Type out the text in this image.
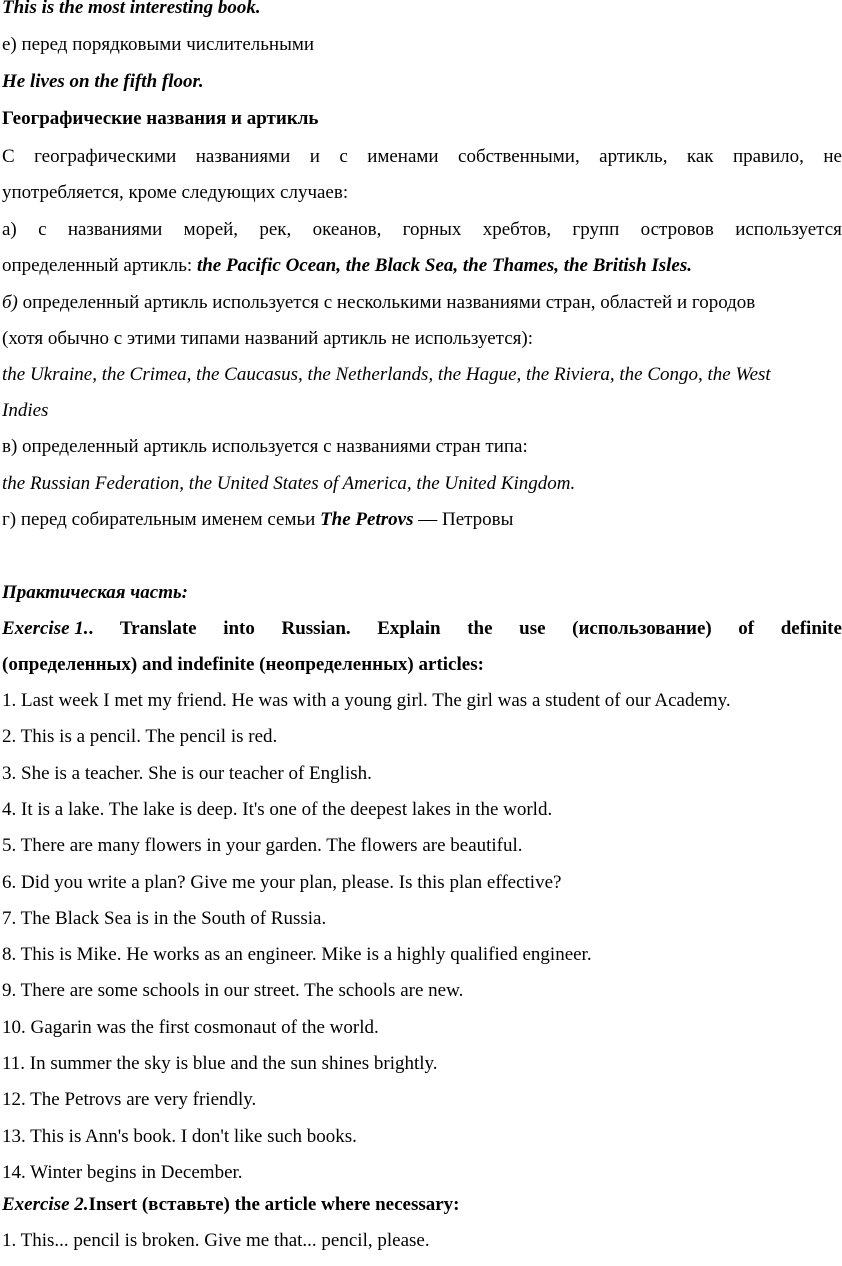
This is the most interesting book.
е) перед порядковыми числительными
He lives on the fifth floor.
Географические названия и артикль
С географическими названиями и с именами собственными, артикль, как правило, не
употребляется, кроме следующих случаев:
а) с названиями морей, рек, океанов, горных хребтов, групп островов используется
определенный артикль: the Pacific Ocean, the Black Sea, the Thames, the British Isles.
б) определенный артикль используется с несколькими названиями стран, областей и городов
(хотя обычно с этими типами названий артикль не используется):
the Ukraine, the Crimea, the Caucasus, the Netherlands, the Hague, the Riviera, the Congo, the West
Indies
в) определенный артикль используется с названиями стран типа:
the Russian Federation, the United States of America, the United Kingdom.
г) перед собирательным именем семьи The Petrovs — Петровы
Практическая часть:
Exercise 1. . Translate into Russian. Explain the use (использование) of definite
(определенных) and indefinite (неопределенных) articles:
1. Last week I met my friend. He was with a young girl. The girl was a student of our Academy.
2. This is a pencil. The pencil is red.
3. She is a teacher. She is our teacher of English.
4. It is a lake. The lake is deep. It's one of the deepest lakes in the world.
5. There are many flowers in your garden. The flowers are beautiful.
6. Did you write a plan? Give me your plan, please. Is this plan effective?
7. The Black Sea is in the South of Russia.
8. This is Mike. He works as an engineer. Mike is a highly qualified engineer.
9. There are some schools in our street. The schools are new.
10. Gagarin was the first cosmonaut of the world.
11. In summer the sky is blue and the sun shines brightly.
12. The Petrovs are very friendly.
13. This is Ann's book. I don't like such books.
14. Winter begins in December.
Exercise 2.Insert (вставьте) the article where necessary:
1. This... pencil is broken. Give me that... pencil, please.
